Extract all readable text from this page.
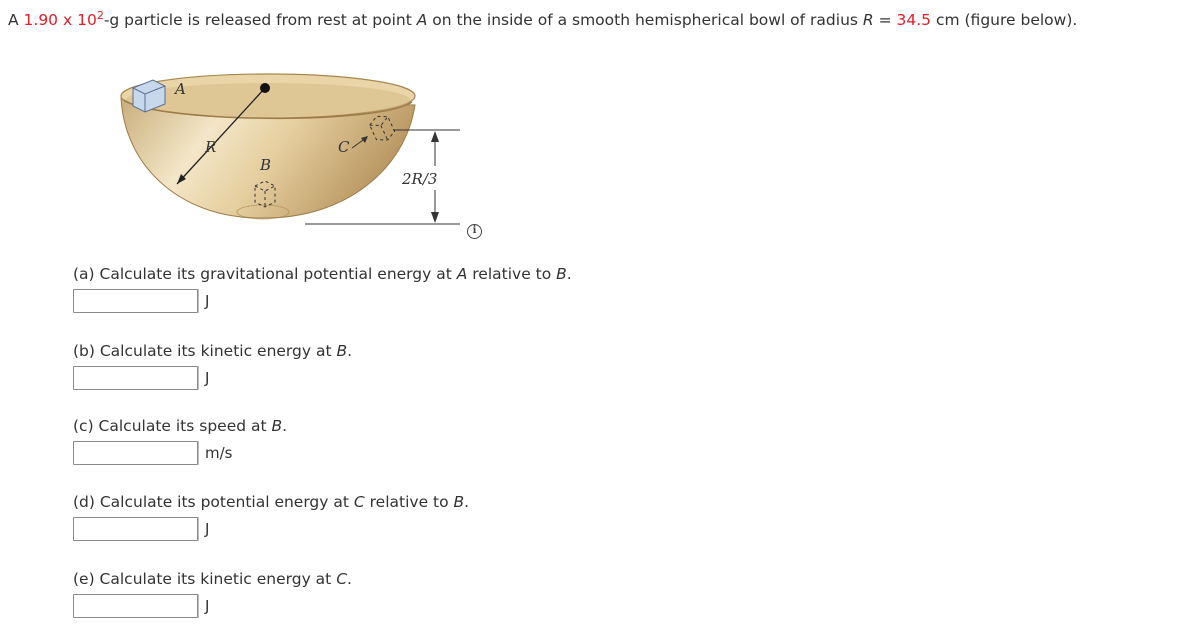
A 1.90 x $10^2-g$ particle is released from rest at point A on the inside of a smooth hemispherical bowl of radius R = 34.5 cm (figure below).
A
R
B
C
2R/3
i
(a) Calculate its gravitational potential energy at A relative to B.
J
(b) Calculate its kinetic energy at B.
J
(c) Calculate its speed at B.
m/s
(d) Calculate its potential energy at C relative to B.
J
(e) Calculate its kinetic energy at C.
J
